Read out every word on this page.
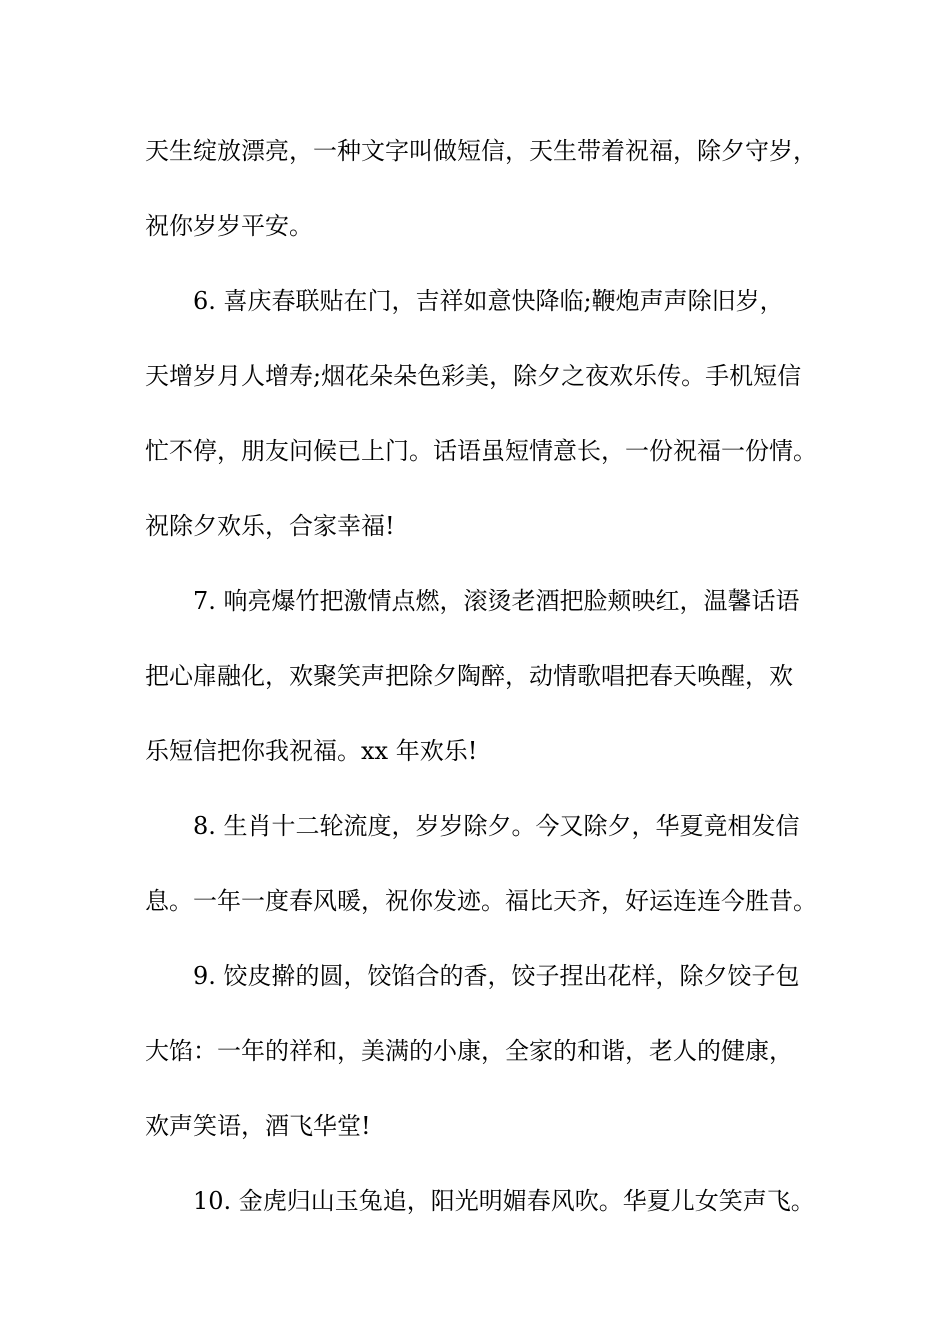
天生绽放漂亮，一种文字叫做短信，天生带着祝福，除夕守岁，
祝你岁岁平安。
6. 喜庆春联贴在门，吉祥如意快降临;鞭炮声声除旧岁，
天增岁月人增寿;烟花朵朵色彩美，除夕之夜欢乐传。手机短信
忙不停，朋友问候已上门。话语虽短情意长，一份祝福一份情。
祝除夕欢乐，合家幸福!
7. 响亮爆竹把激情点燃，滚烫老酒把脸颊映红，温馨话语
把心扉融化，欢聚笑声把除夕陶醉，动情歌唱把春天唤醒，欢
乐短信把你我祝福。xx 年欢乐!
8. 生肖十二轮流度，岁岁除夕。今又除夕，华夏竟相发信
息。一年一度春风暖，祝你发迹。福比天齐，好运连连今胜昔。
9. 饺皮擀的圆，饺馅合的香，饺子捏出花样，除夕饺子包
大馅：一年的祥和，美满的小康，全家的和谐，老人的健康，
欢声笑语，酒飞华堂!
10. 金虎归山玉兔追，阳光明媚春风吹。华夏儿女笑声飞。
